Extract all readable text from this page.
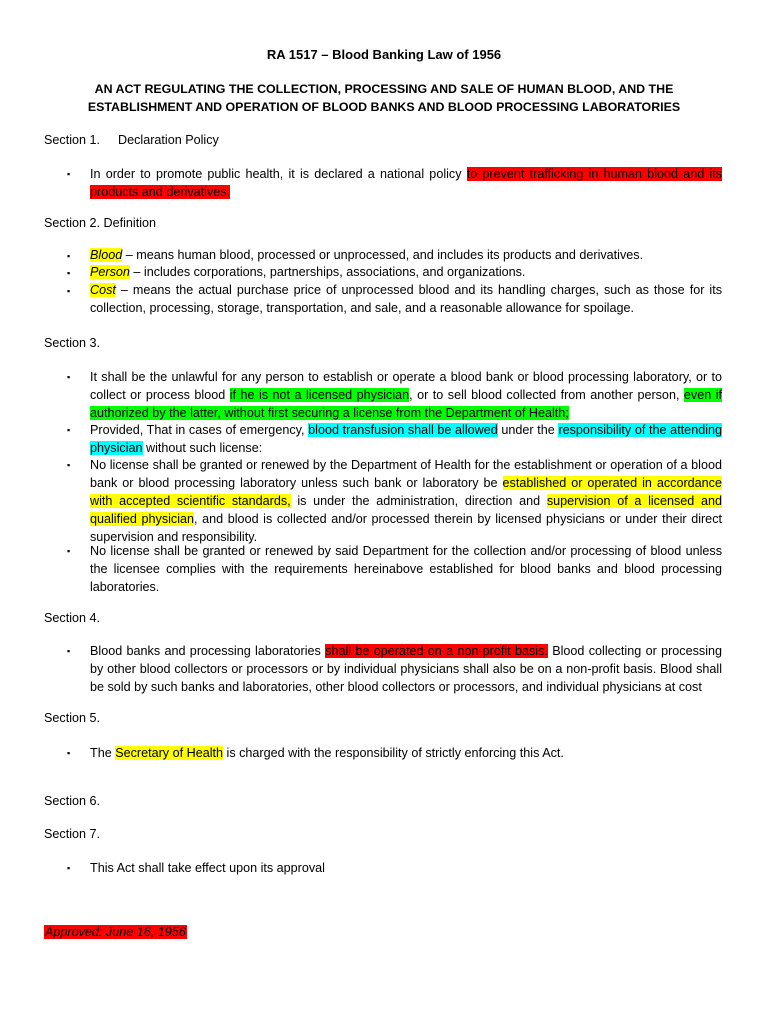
RA 1517 – Blood Banking Law of 1956
AN ACT REGULATING THE COLLECTION, PROCESSING AND SALE OF HUMAN BLOOD, AND THE ESTABLISHMENT AND OPERATION OF BLOOD BANKS AND BLOOD PROCESSING LABORATORIES
Section 1. Declaration Policy
▪ In order to promote public health, it is declared a national policy to prevent trafficking in human blood and its products and derivatives.
Section 2. Definition
▪ Blood – means human blood, processed or unprocessed, and includes its products and derivatives.
▪ Person – includes corporations, partnerships, associations, and organizations.
▪ Cost – means the actual purchase price of unprocessed blood and its handling charges, such as those for its collection, processing, storage, transportation, and sale, and a reasonable allowance for spoilage.
Section 3.
▪ It shall be the unlawful for any person to establish or operate a blood bank or blood processing laboratory, or to collect or process blood if he is not a licensed physician, or to sell blood collected from another person, even if authorized by the latter, without first securing a license from the Department of Health;
▪ Provided, That in cases of emergency, blood transfusion shall be allowed under the responsibility of the attending physician without such license:
▪ No license shall be granted or renewed by the Department of Health for the establishment or operation of a blood bank or blood processing laboratory unless such bank or laboratory be established or operated in accordance with accepted scientific standards, is under the administration, direction and supervision of a licensed and qualified physician, and blood is collected and/or processed therein by licensed physicians or under their direct supervision and responsibility.
▪ No license shall be granted or renewed by said Department for the collection and/or processing of blood unless the licensee complies with the requirements hereinabove established for blood banks and blood processing laboratories.
Section 4.
▪ Blood banks and processing laboratories shall be operated on a non-profit basis. Blood collecting or processing by other blood collectors or processors or by individual physicians shall also be on a non-profit basis. Blood shall be sold by such banks and laboratories, other blood collectors or processors, and individual physicians at cost
Section 5.
▪ The Secretary of Health is charged with the responsibility of strictly enforcing this Act.
Section 6.
Section 7.
▪ This Act shall take effect upon its approval
Approved: June 16, 1956
